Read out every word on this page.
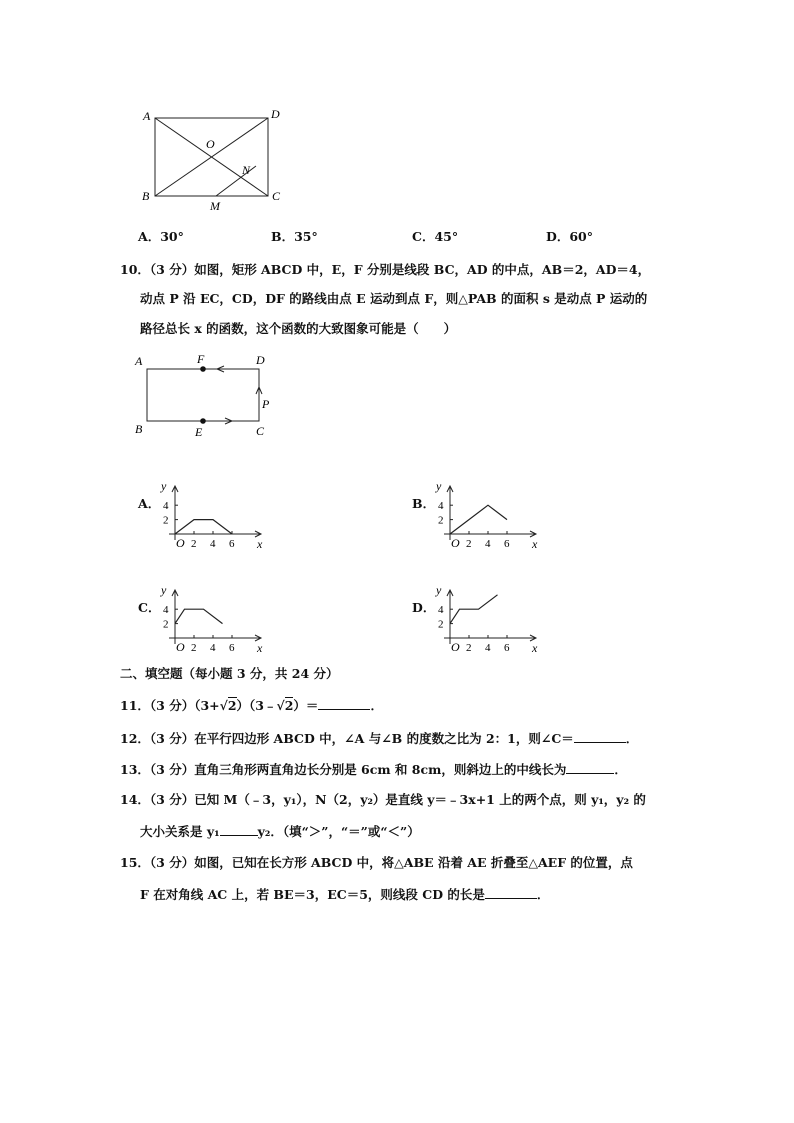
A	D
B	C
O
N
M
A．30°	B．35°	C．45°	D．60°
10．（3 分）如图，矩形 ABCD 中，E，F 分别是线段 BC，AD 的中点，AB＝2，AD＝4，
动点 P 沿 EC，CD，DF 的路线由点 E 运动到点 F，则△PAB 的面积 s 是动点 P 运动的
路径总长 x 的函数，这个函数的大致图象可能是（　　）
A	F	D
B	E	C
P
A．	B．
C．	D．
x
y
O 2 4 6
2
4
x
y
O 2 4 6
2
4
x
y
O 2 4 6
2
4
x
y
O 2 4 6
2
4
二、填空题（每小题 3 分，共 24 分）
11．（3 分）（3+√2）（3﹣√2）＝	．
12．（3 分）在平行四边形 ABCD 中，∠A 与∠B 的度数之比为 2：1，则∠C＝	．
13．（3 分）直角三角形两直角边长分别是 6cm 和 8cm，则斜边上的中线长为	．
14．（3 分）已知 M（﹣3，y₁），N（2，y₂）是直线 y＝﹣3x+1 上的两个点，则 y₁，y₂ 的
大小关系是 y₁	y₂．（填“＞”，“＝”或“＜”）
15．（3 分）如图，已知在长方形 ABCD 中，将△ABE 沿着 AE 折叠至△AEF 的位置，点
F 在对角线 AC 上，若 BE＝3，EC＝5，则线段 CD 的长是	．
